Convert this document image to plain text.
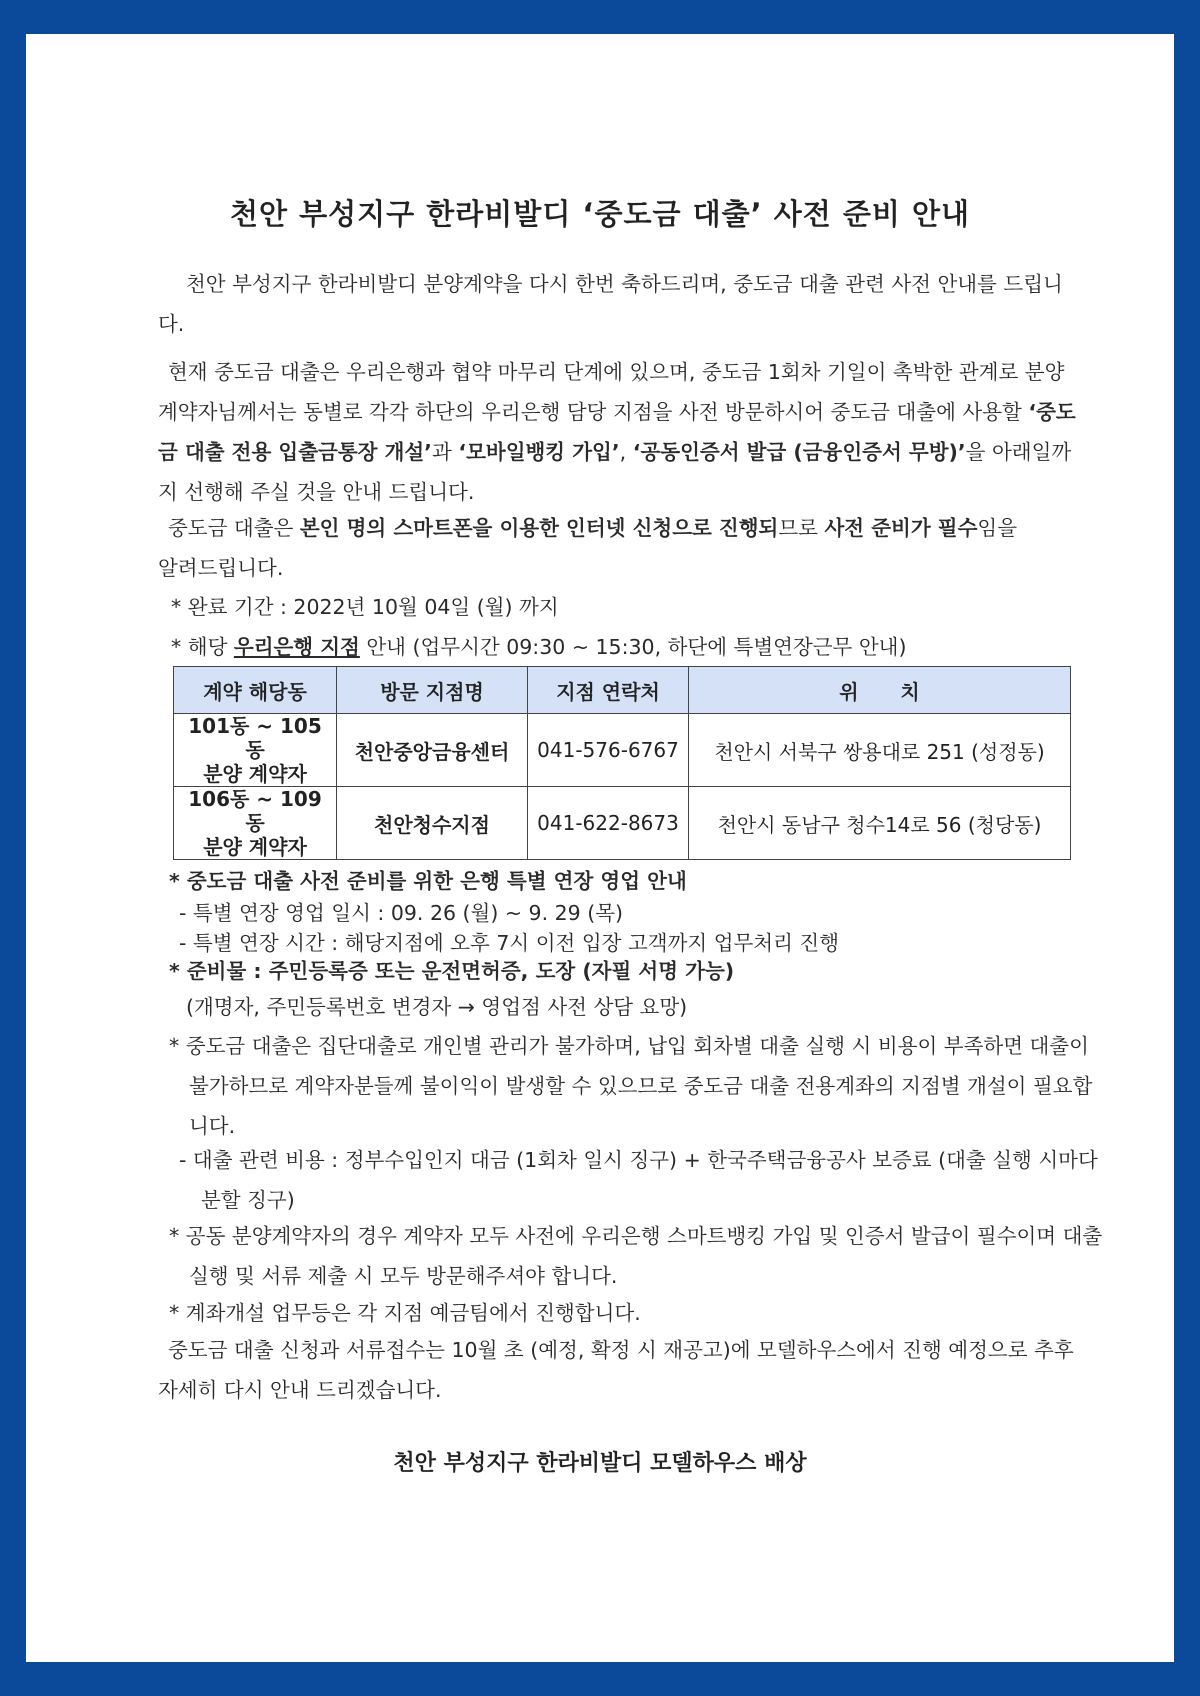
천안 부성지구 한라비발디 ‘중도금 대출’ 사전 준비 안내
천안 부성지구 한라비발디 분양계약을 다시 한번 축하드리며, 중도금 대출 관련 사전 안내를 드립니다.
현재 중도금 대출은 우리은행과 협약 마무리 단계에 있으며, 중도금 1회차 기일이 촉박한 관계로 분양계약자님께서는 동별로 각각 하단의 우리은행 담당 지점을 사전 방문하시어 중도금 대출에 사용할 ‘중도금 대출 전용 입출금통장 개설’과 ‘모바일뱅킹 가입’, ‘공동인증서 발급 (금융인증서 무방)’을 아래일까지 선행해 주실 것을 안내 드립니다.
중도금 대출은 본인 명의 스마트폰을 이용한 인터넷 신청으로 진행되므로 사전 준비가 필수임을 알려드립니다.
* 완료 기간 : 2022년 10월 04일 (월) 까지
* 해당 우리은행 지점 안내 (업무시간 09:30 ~ 15:30, 하단에 특별연장근무 안내)
계약 해당동	방문 지점명	지점 연락처	위      치
101동 ~ 105동
분양 계약자	천안중앙금융센터	041-576-6767	천안시 서북구 쌍용대로 251 (성정동)
106동 ~ 109동
분양 계약자	천안청수지점	041-622-8673	천안시 동남구 청수14로 56 (청당동)
* 중도금 대출 사전 준비를 위한 은행 특별 연장 영업 안내
- 특별 연장 영업 일시 : 09. 26 (월) ~ 9. 29 (목)
- 특별 연장 시간 : 해당지점에 오후 7시 이전 입장 고객까지 업무처리 진행
* 준비물 : 주민등록증 또는 운전면허증, 도장 (자필 서명 가능)
(개명자, 주민등록번호 변경자 → 영업점 사전 상담 요망)
* 중도금 대출은 집단대출로 개인별 관리가 불가하며, 납입 회차별 대출 실행 시 비용이 부족하면 대출이 불가하므로 계약자분들께 불이익이 발생할 수 있으므로 중도금 대출 전용계좌의 지점별 개설이 필요합니다.
- 대출 관련 비용 : 정부수입인지 대금 (1회차 일시 징구) + 한국주택금융공사 보증료 (대출 실행 시마다 분할 징구)
* 공동 분양계약자의 경우 계약자 모두 사전에 우리은행 스마트뱅킹 가입 및 인증서 발급이 필수이며 대출실행 및 서류 제출 시 모두 방문해주셔야 합니다.
* 계좌개설 업무등은 각 지점 예금팀에서 진행합니다.
중도금 대출 신청과 서류접수는 10월 초 (예정, 확정 시 재공고)에 모델하우스에서 진행 예정으로 추후 자세히 다시 안내 드리겠습니다.
천안 부성지구 한라비발디 모델하우스 배상
